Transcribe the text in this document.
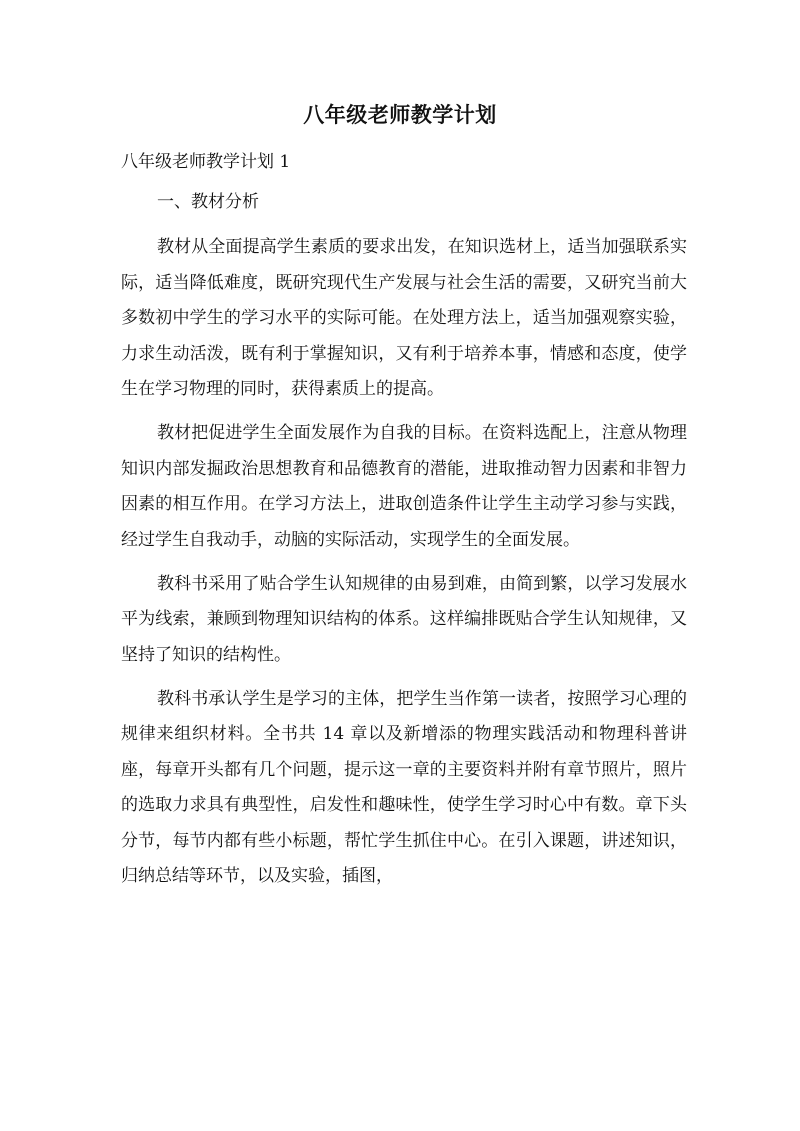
八年级老师教学计划
八年级老师教学计划 1
一、教材分析

教材从全面提高学生素质的要求出发，在知识选材上，适当加强联系实际，适当降低难度，既研究现代生产发展与社会生活的需要，又研究当前大多数初中学生的学习水平的实际可能。在处理方法上，适当加强观察实验，力求生动活泼，既有利于掌握知识，又有利于培养本事，情感和态度，使学生在学习物理的同时，获得素质上的提高。

教材把促进学生全面发展作为自我的目标。在资料选配上，注意从物理知识内部发掘政治思想教育和品德教育的潜能，进取推动智力因素和非智力因素的相互作用。在学习方法上，进取创造条件让学生主动学习参与实践，经过学生自我动手，动脑的实际活动，实现学生的全面发展。

教科书采用了贴合学生认知规律的由易到难，由简到繁，以学习发展水平为线索，兼顾到物理知识结构的体系。这样编排既贴合学生认知规律，又坚持了知识的结构性。

教科书承认学生是学习的主体，把学生当作第一读者，按照学习心理的规律来组织材料。全书共 14 章以及新增添的物理实践活动和物理科普讲座，每章开头都有几个问题，提示这一章的主要资料并附有章节照片，照片的选取力求具有典型性，启发性和趣味性，使学生学习时心中有数。章下头分节，每节内都有些小标题，帮忙学生抓住中心。在引入课题，讲述知识，归纳总结等环节，以及实验，插图，
